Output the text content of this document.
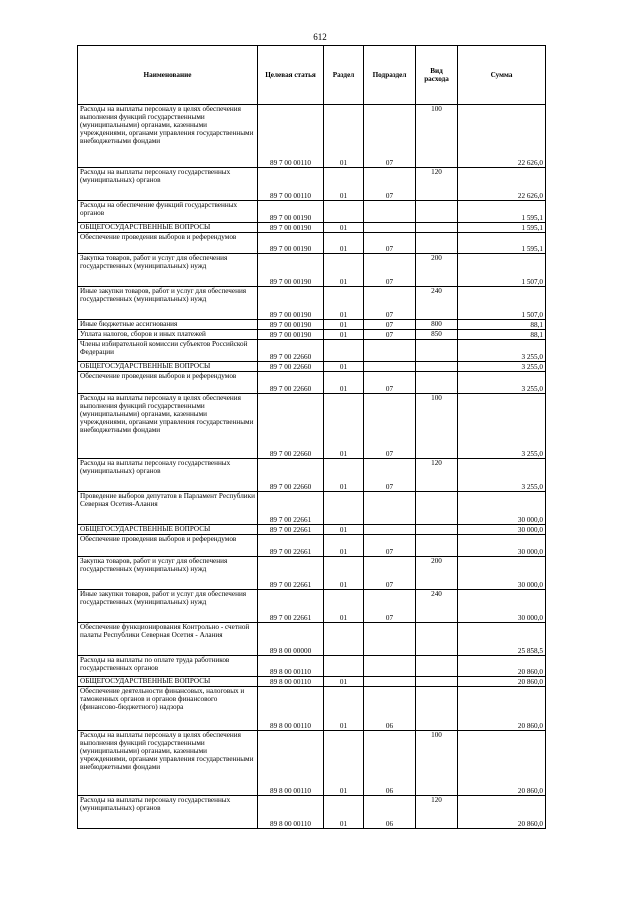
612
Наименование	Целевая статья	Раздел	Подраздел	Вид расхода	Сумма
Расходы на выплаты персоналу в целях обеспечения выполнения функций государственными (муниципальными) органами, казенными учреждениями, органами управления государственными внебюджетными фондами	89 7 00 00110	01	07	100	22 626,0
Расходы на выплаты персоналу государственных (муниципальных) органов	89 7 00 00110	01	07	120	22 626,0
Расходы на обеспечение функций государственных органов	89 7 00 00190				1 595,1
ОБЩЕГОСУДАРСТВЕННЫЕ ВОПРОСЫ	89 7 00 00190	01			1 595,1
Обеспечение проведения выборов и референдумов	89 7 00 00190	01	07		1 595,1
Закупка товаров, работ и услуг для обеспечения государственных (муниципальных) нужд	89 7 00 00190	01	07	200	1 507,0
Иные закупки товаров, работ и услуг для обеспечения государственных (муниципальных) нужд	89 7 00 00190	01	07	240	1 507,0
Иные бюджетные ассигнования	89 7 00 00190	01	07	800	88,1
Уплата налогов, сборов и иных платежей	89 7 00 00190	01	07	850	88,1
Члены избирательной комиссии субъектов Российской Федерации	89 7 00 22660				3 255,0
ОБЩЕГОСУДАРСТВЕННЫЕ ВОПРОСЫ	89 7 00 22660	01			3 255,0
Обеспечение проведения выборов и референдумов	89 7 00 22660	01	07		3 255,0
Расходы на выплаты персоналу в целях обеспечения выполнения функций государственными (муниципальными) органами, казенными учреждениями, органами управления государственными внебюджетными фондами	89 7 00 22660	01	07	100	3 255,0
Расходы на выплаты персоналу государственных (муниципальных) органов	89 7 00 22660	01	07	120	3 255,0
Проведение выборов депутатов в Парламент Республики Северная Осетия-Алания	89 7 00 22661				30 000,0
ОБЩЕГОСУДАРСТВЕННЫЕ ВОПРОСЫ	89 7 00 22661	01			30 000,0
Обеспечение проведения выборов и референдумов	89 7 00 22661	01	07		30 000,0
Закупка товаров, работ и услуг для обеспечения государственных (муниципальных) нужд	89 7 00 22661	01	07	200	30 000,0
Иные закупки товаров, работ и услуг для обеспечения государственных (муниципальных) нужд	89 7 00 22661	01	07	240	30 000,0
Обеспечение функционирования Контрольно - счетной палаты Республики Северная Осетия - Алания	89 8 00 00000				25 858,5
Расходы на выплаты по оплате труда работников государственных органов	89 8 00 00110				20 860,0
ОБЩЕГОСУДАРСТВЕННЫЕ ВОПРОСЫ	89 8 00 00110	01			20 860,0
Обеспечение деятельности финансовых, налоговых и таможенных органов и органов финансового (финансово-бюджетного) надзора	89 8 00 00110	01	06		20 860,0
Расходы на выплаты персоналу в целях обеспечения выполнения функций государственными (муниципальными) органами, казенными учреждениями, органами управления государственными внебюджетными фондами	89 8 00 00110	01	06	100	20 860,0
Расходы на выплаты персоналу государственных (муниципальных) органов	89 8 00 00110	01	06	120	20 860,0
